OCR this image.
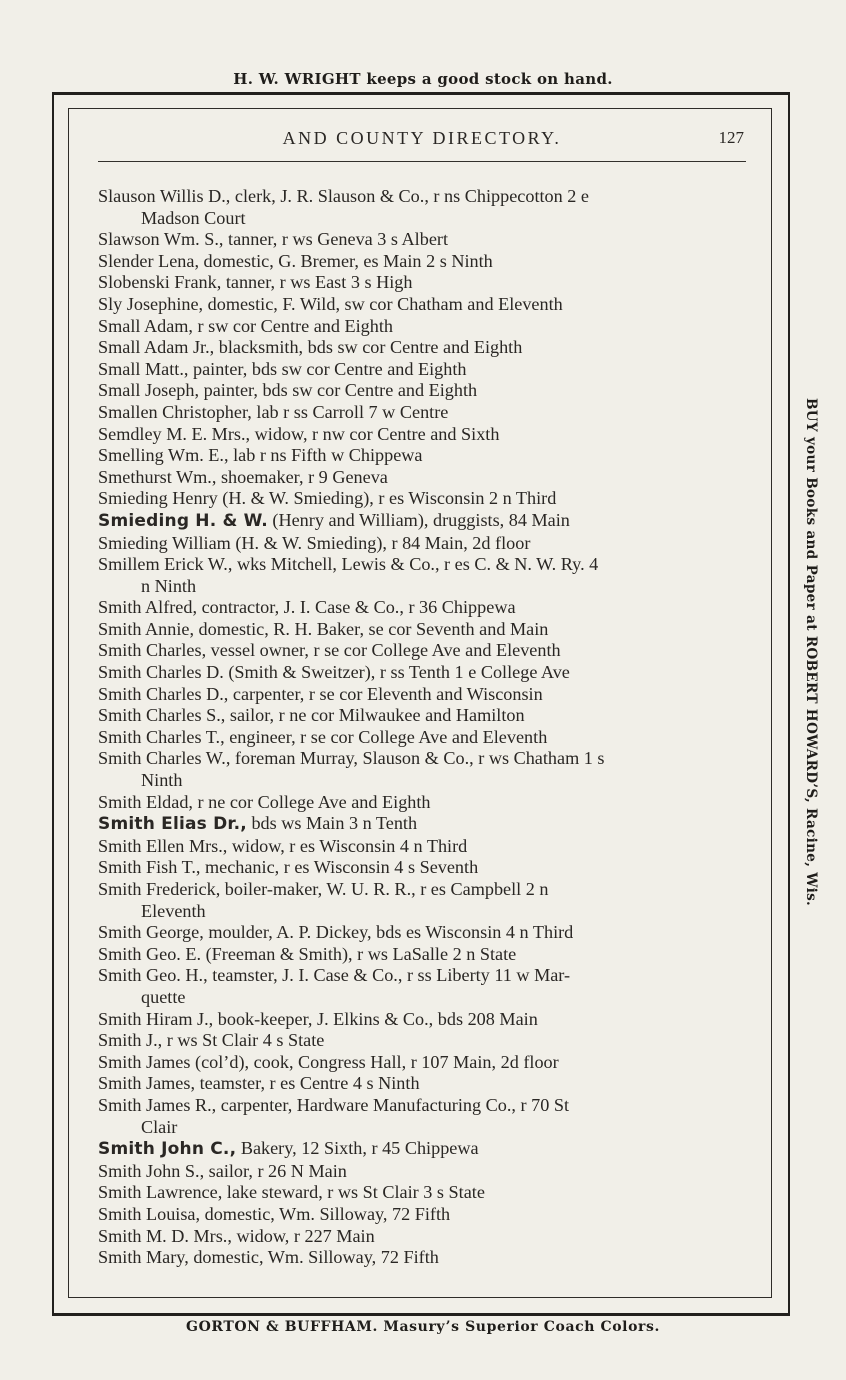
H. W. WRIGHT keeps a good stock on hand.
AND COUNTY DIRECTORY.	127
Slauson Willis D., clerk, J. R. Slauson & Co., r ns Chippecotton 2 e
Madson Court
Slawson Wm. S., tanner, r ws Geneva 3 s Albert
Slender Lena, domestic, G. Bremer, es Main 2 s Ninth
Slobenski Frank, tanner, r ws East 3 s High
Sly Josephine, domestic, F. Wild, sw cor Chatham and Eleventh
Small Adam, r sw cor Centre and Eighth
Small Adam Jr., blacksmith, bds sw cor Centre and Eighth
Small Matt., painter, bds sw cor Centre and Eighth
Small Joseph, painter, bds sw cor Centre and Eighth
Smallen Christopher, lab r ss Carroll 7 w Centre
Semdley M. E. Mrs., widow, r nw cor Centre and Sixth
Smelling Wm. E., lab r ns Fifth w Chippewa
Smethurst Wm., shoemaker, r 9 Geneva
Smieding Henry (H. & W. Smieding), r es Wisconsin 2 n Third
Smieding H. & W. (Henry and William), druggists, 84 Main
Smieding William (H. & W. Smieding), r 84 Main, 2d floor
Smillem Erick W., wks Mitchell, Lewis & Co., r es C. & N. W. Ry. 4
n Ninth
Smith Alfred, contractor, J. I. Case & Co., r 36 Chippewa
Smith Annie, domestic, R. H. Baker, se cor Seventh and Main
Smith Charles, vessel owner, r se cor College Ave and Eleventh
Smith Charles D. (Smith & Sweitzer), r ss Tenth 1 e College Ave
Smith Charles D., carpenter, r se cor Eleventh and Wisconsin
Smith Charles S., sailor, r ne cor Milwaukee and Hamilton
Smith Charles T., engineer, r se cor College Ave and Eleventh
Smith Charles W., foreman Murray, Slauson & Co., r ws Chatham 1 s
Ninth
Smith Eldad, r ne cor College Ave and Eighth
Smith Elias Dr., bds ws Main 3 n Tenth
Smith Ellen Mrs., widow, r es Wisconsin 4 n Third
Smith Fish T., mechanic, r es Wisconsin 4 s Seventh
Smith Frederick, boiler-maker, W. U. R. R., r es Campbell 2 n
Eleventh
Smith George, moulder, A. P. Dickey, bds es Wisconsin 4 n Third
Smith Geo. E. (Freeman & Smith), r ws LaSalle 2 n State
Smith Geo. H., teamster, J. I. Case & Co., r ss Liberty 11 w Mar-
quette
Smith Hiram J., book-keeper, J. Elkins & Co., bds 208 Main
Smith J., r ws St Clair 4 s State
Smith James (col’d), cook, Congress Hall, r 107 Main, 2d floor
Smith James, teamster, r es Centre 4 s Ninth
Smith James R., carpenter, Hardware Manufacturing Co., r 70 St
Clair
Smith John C., Bakery, 12 Sixth, r 45 Chippewa
Smith John S., sailor, r 26 N Main
Smith Lawrence, lake steward, r ws St Clair 3 s State
Smith Louisa, domestic, Wm. Silloway, 72 Fifth
Smith M. D. Mrs., widow, r 227 Main
Smith Mary, domestic, Wm. Silloway, 72 Fifth
BUY your Books and Paper at ROBERT HOWARD’S, Racine, Wis.
GORTON & BUFFHAM. Masury’s Superior Coach Colors.
